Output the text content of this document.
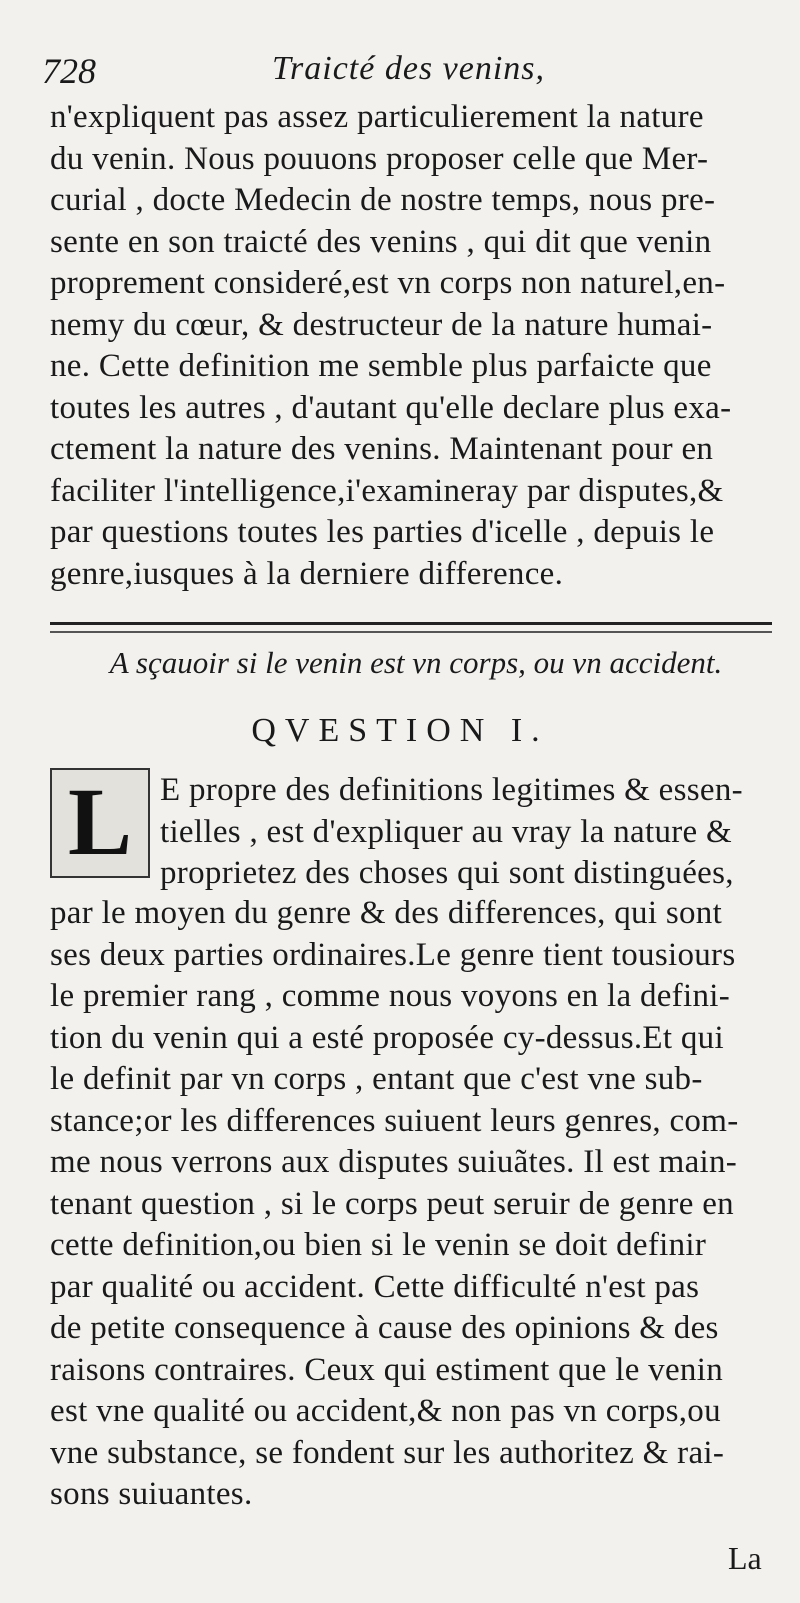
728	Traicté des venins,
n'expliquent pas assez particulierement la nature
du venin. Nous pouuons proposer celle que Mer-
curial , docte Medecin de nostre temps, nous pre-
sente en son traicté des venins , qui dit que venin
proprement consideré,est vn corps non naturel,en-
nemy du cœur, & destructeur de la nature humai-
ne. Cette definition me semble plus parfaicte que
toutes les autres , d'autant qu'elle declare plus exa-
ctement la nature des venins. Maintenant pour en
faciliter l'intelligence,i'examineray par disputes,&
par questions toutes les parties d'icelle , depuis le
genre,iusques à la derniere difference.
A sçauoir si le venin est vn corps, ou vn accident.
QVESTION I.
L E propre des definitions legitimes & essen-
tielles , est d'expliquer au vray la nature &
proprietez des choses qui sont distinguées,
par le moyen du genre & des differences, qui sont
ses deux parties ordinaires.Le genre tient tousiours
le premier rang , comme nous voyons en la defini-
tion du venin qui a esté proposée cy-dessus.Et qui
le definit par vn corps , entant que c'est vne sub-
stance;or les differences suiuent leurs genres, com-
me nous verrons aux disputes suiuãtes. Il est main-
tenant question , si le corps peut seruir de genre en
cette definition,ou bien si le venin se doit definir
par qualité ou accident. Cette difficulté n'est pas
de petite consequence à cause des opinions & des
raisons contraires. Ceux qui estiment que le venin
est vne qualité ou accident,& non pas vn corps,ou
vne substance, se fondent sur les authoritez & rai-
sons suiuantes.
La
